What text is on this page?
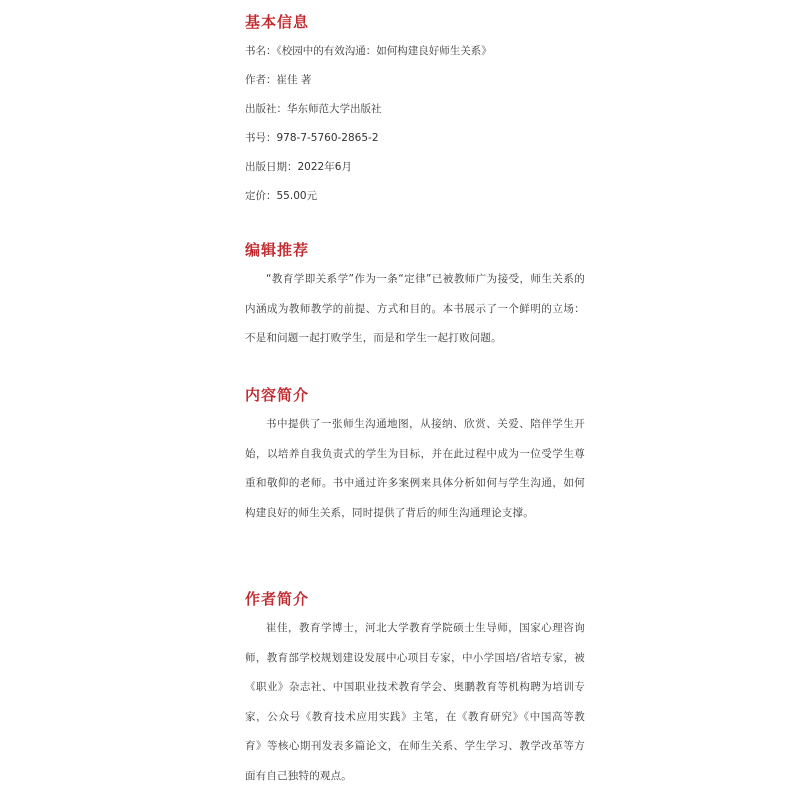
基本信息

书名：《校园中的有效沟通：如何构建良好师生关系》

作者：崔佳 著

出版社：华东师范大学出版社

书号：978-7-5760-2865-2

出版日期：2022年6月

定价：55.00元

编辑推荐

“教育学即关系学”作为一条“定律”已被教师广为接受，师生关系的内涵成为教师教学的前提、方式和目的。本书展示了一个鲜明的立场：不是和问题一起打败学生，而是和学生一起打败问题。

内容简介

书中提供了一张师生沟通地图，从接纳、欣赏、关爱、陪伴学生开始，以培养自我负责式的学生为目标，并在此过程中成为一位受学生尊重和敬仰的老师。书中通过许多案例来具体分析如何与学生沟通，如何构建良好的师生关系，同时提供了背后的师生沟通理论支撑。

作者简介

崔佳，教育学博士，河北大学教育学院硕士生导师，国家心理咨询师，教育部学校规划建设发展中心项目专家，中小学国培/省培专家，被《职业》杂志社、中国职业技术教育学会、奥鹏教育等机构聘为培训专家，公众号《教育技术应用实践》主笔，在《教育研究》《中国高等教育》等核心期刊发表多篇论文，在师生关系、学生学习、教学改革等方面有自己独特的观点。
